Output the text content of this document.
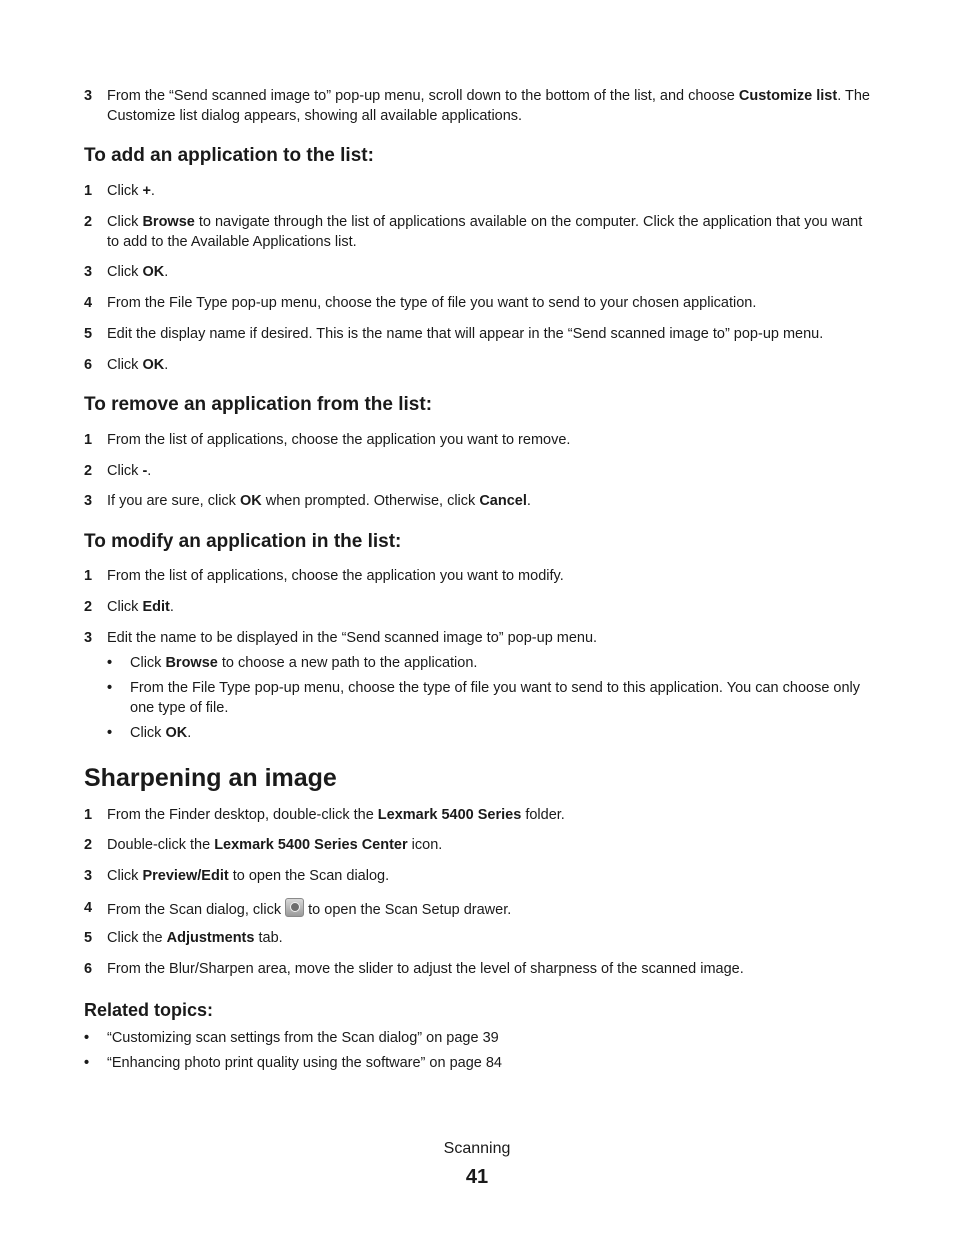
3	From the “Send scanned image to” pop-up menu, scroll down to the bottom of the list, and choose Customize list. The Customize list dialog appears, showing all available applications.
To add an application to the list:
1	Click +.
2	Click Browse to navigate through the list of applications available on the computer. Click the application that you want to add to the Available Applications list.
3	Click OK.
4	From the File Type pop-up menu, choose the type of file you want to send to your chosen application.
5	Edit the display name if desired. This is the name that will appear in the “Send scanned image to” pop-up menu.
6	Click OK.
To remove an application from the list:
1	From the list of applications, choose the application you want to remove.
2	Click -.
3	If you are sure, click OK when prompted. Otherwise, click Cancel.
To modify an application in the list:
1	From the list of applications, choose the application you want to modify.
2	Click Edit.
3	Edit the name to be displayed in the “Send scanned image to” pop-up menu.
• Click Browse to choose a new path to the application.
• From the File Type pop-up menu, choose the type of file you want to send to this application. You can choose only one type of file.
• Click OK.
Sharpening an image
1	From the Finder desktop, double-click the Lexmark 5400 Series folder.
2	Double-click the Lexmark 5400 Series Center icon.
3	Click Preview/Edit to open the Scan dialog.
4	From the Scan dialog, click  to open the Scan Setup drawer.
5	Click the Adjustments tab.
6	From the Blur/Sharpen area, move the slider to adjust the level of sharpness of the scanned image.
Related topics:
• “Customizing scan settings from the Scan dialog” on page 39
• “Enhancing photo print quality using the software” on page 84
Scanning
41
